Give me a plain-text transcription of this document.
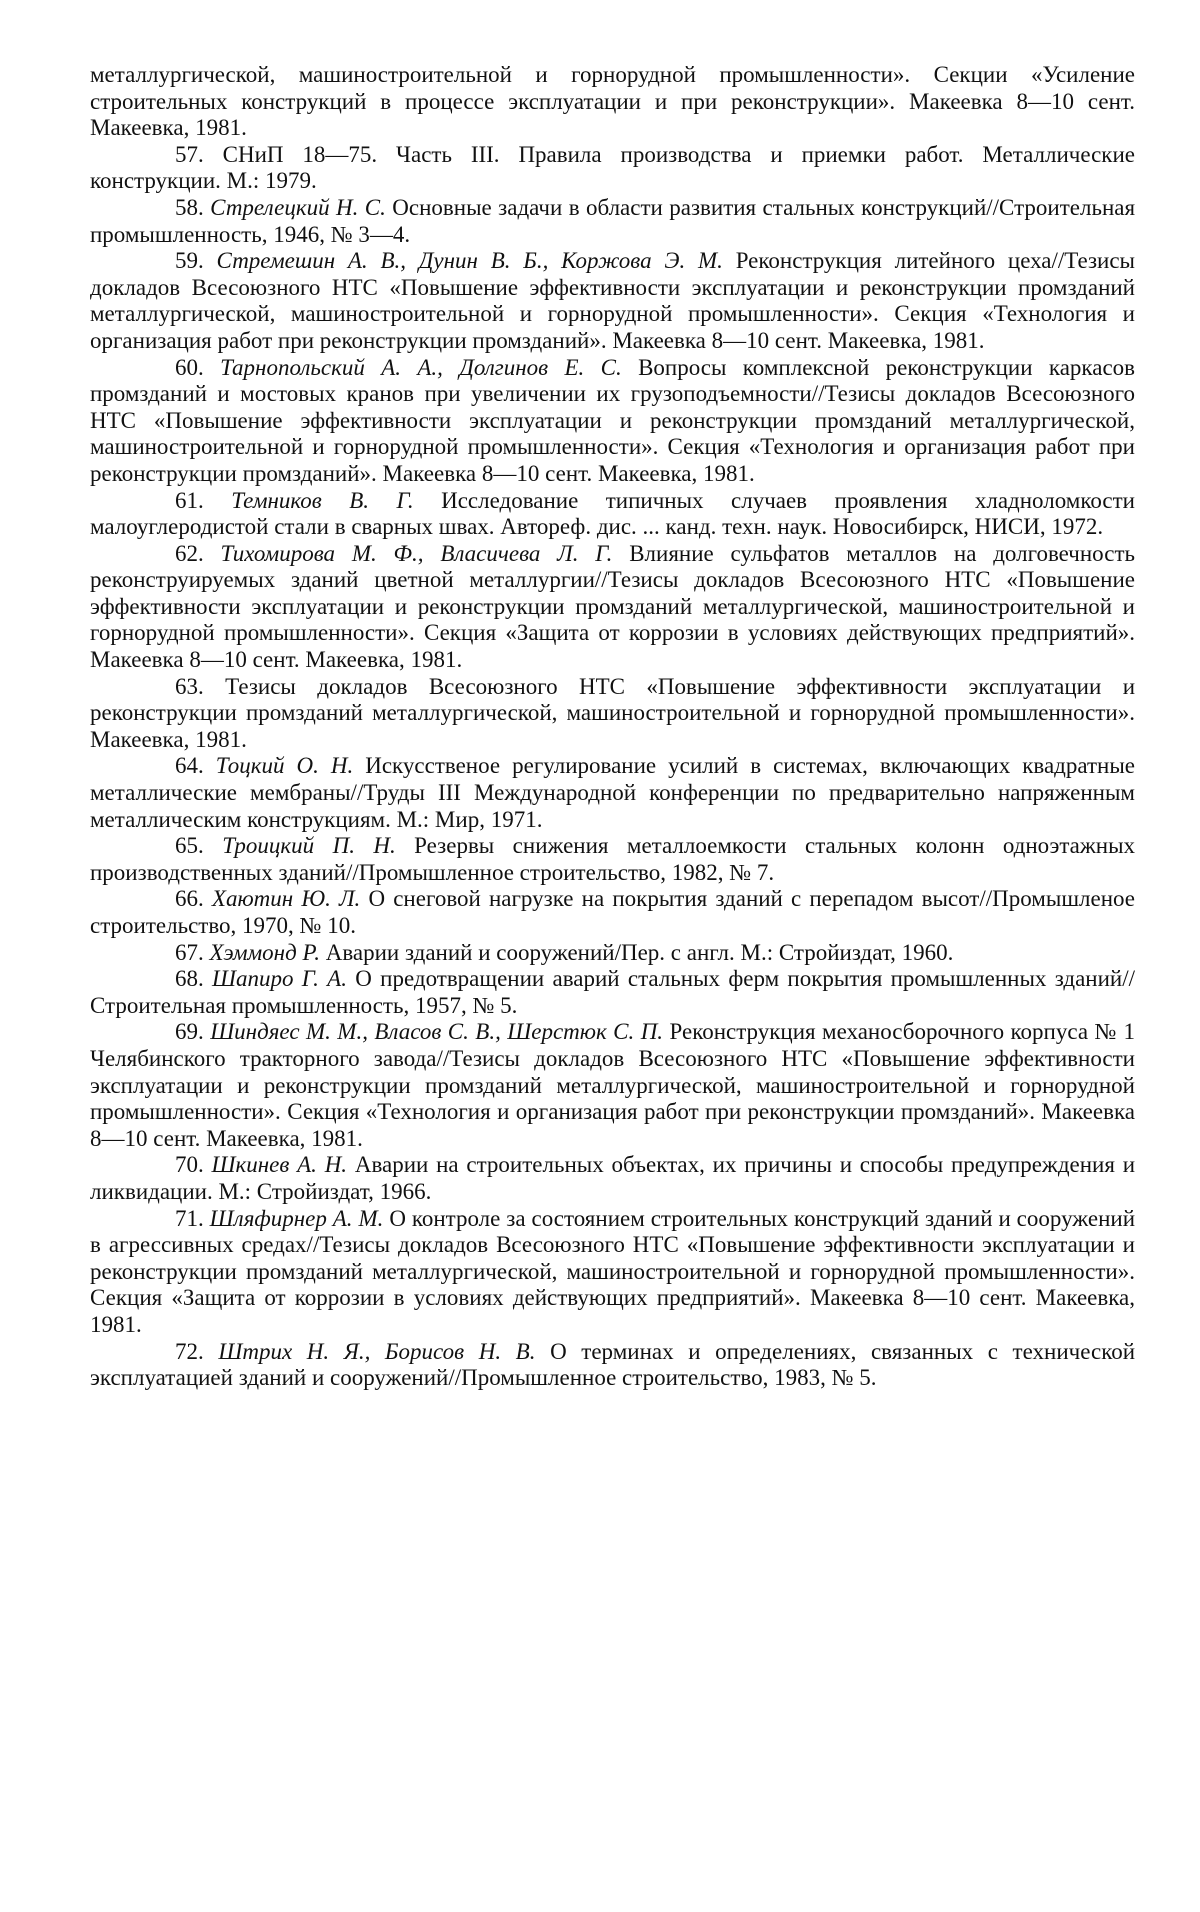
металлургической, машиностроительной и горнорудной промышленности». Секции «Усиление строительных конструкций в процессе эксплуатации и при реконструкции». Макеевка 8—10 сент. Макеевка, 1981.

57. СНиП 18—75. Часть III. Правила производства и приемки работ. Металлические конструкции. М.: 1979.

58. Стрелецкий Н. С. Основные задачи в области развития стальных конструкций//Строительная промышленность, 1946, № 3—4.

59. Стремешин А. В., Дунин В. Б., Коржова Э. М. Реконструкция литейного цеха//Тезисы докладов Всесоюзного НТС «Повышение эффективности эксплуатации и реконструкции промзданий металлургической, машиностроительной и горнорудной промышленности». Секция «Технология и организация работ при реконструкции промзданий». Макеевка 8—10 сент. Макеевка, 1981.

60. Тарнопольский А. А., Долгинов Е. С. Вопросы комплексной реконструкции каркасов промзданий и мостовых кранов при увеличении их грузоподъемности//Тезисы докладов Всесоюзного НТС «Повышение эффективности эксплуатации и реконструкции промзданий металлургической, машиностроительной и горнорудной промышленности». Секция «Технология и организация работ при реконструкции промзданий». Макеевка 8—10 сент. Макеевка, 1981.

61. Темников В. Г. Исследование типичных случаев проявления хладноломкости малоуглеродистой стали в сварных швах. Автореф. дис. ... канд. техн. наук. Новосибирск, НИСИ, 1972.

62. Тихомирова М. Ф., Власичева Л. Г. Влияние сульфатов металлов на долговечность реконструируемых зданий цветной металлургии//Тезисы докладов Всесоюзного НТС «Повышение эффективности эксплуатации и реконструкции промзданий металлургической, машиностроительной и горнорудной промышленности». Секция «Защита от коррозии в условиях действующих предприятий». Макеевка 8—10 сент. Макеевка, 1981.

63. Тезисы докладов Всесоюзного НТС «Повышение эффективности эксплуатации и реконструкции промзданий металлургической, машиностроительной и горнорудной промышленности». Макеевка, 1981.

64. Тоцкий О. Н. Искусственое регулирование усилий в системах, включающих квадратные металлические мембраны//Труды III Международной конференции по предварительно напряженным металлическим конструкциям. М.: Мир, 1971.

65. Троицкий П. Н. Резервы снижения металлоемкости стальных колонн одноэтажных производственных зданий//Промышленное строительство, 1982, № 7.

66. Хаютин Ю. Л. О снеговой нагрузке на покрытия зданий с перепадом высот//Промышленое строительство, 1970, № 10.

67. Хэммонд Р. Аварии зданий и сооружений/Пер. с англ. М.: Стройиздат, 1960.

68. Шапиро Г. А. О предотвращении аварий стальных ферм покрытия промышленных зданий//Строительная промышленность, 1957, № 5.

69. Шиндяес М. М., Власов С. В., Шерстюк С. П. Реконструкция механосборочного корпуса № 1 Челябинского тракторного завода//Тезисы докладов Всесоюзного НТС «Повышение эффективности эксплуатации и реконструкции промзданий металлургической, машиностроительной и горнорудной промышленности». Секция «Технология и организация работ при реконструкции промзданий». Макеевка 8—10 сент. Макеевка, 1981.

70. Шкинев А. Н. Аварии на строительных объектах, их причины и способы предупреждения и ликвидации. М.: Стройиздат, 1966.

71. Шляфирнер А. М. О контроле за состоянием строительных конструкций зданий и сооружений в агрессивных средах//Тезисы докладов Всесоюзного НТС «Повышение эффективности эксплуатации и реконструкции промзданий металлургической, машиностроительной и горнорудной промышленности». Секция «Защита от коррозии в условиях действующих предприятий». Макеевка 8—10 сент. Макеевка, 1981.

72. Штрих Н. Я., Борисов Н. В. О терминах и определениях, связанных с технической эксплуатацией зданий и сооружений//Промышленное строительство, 1983, № 5.
